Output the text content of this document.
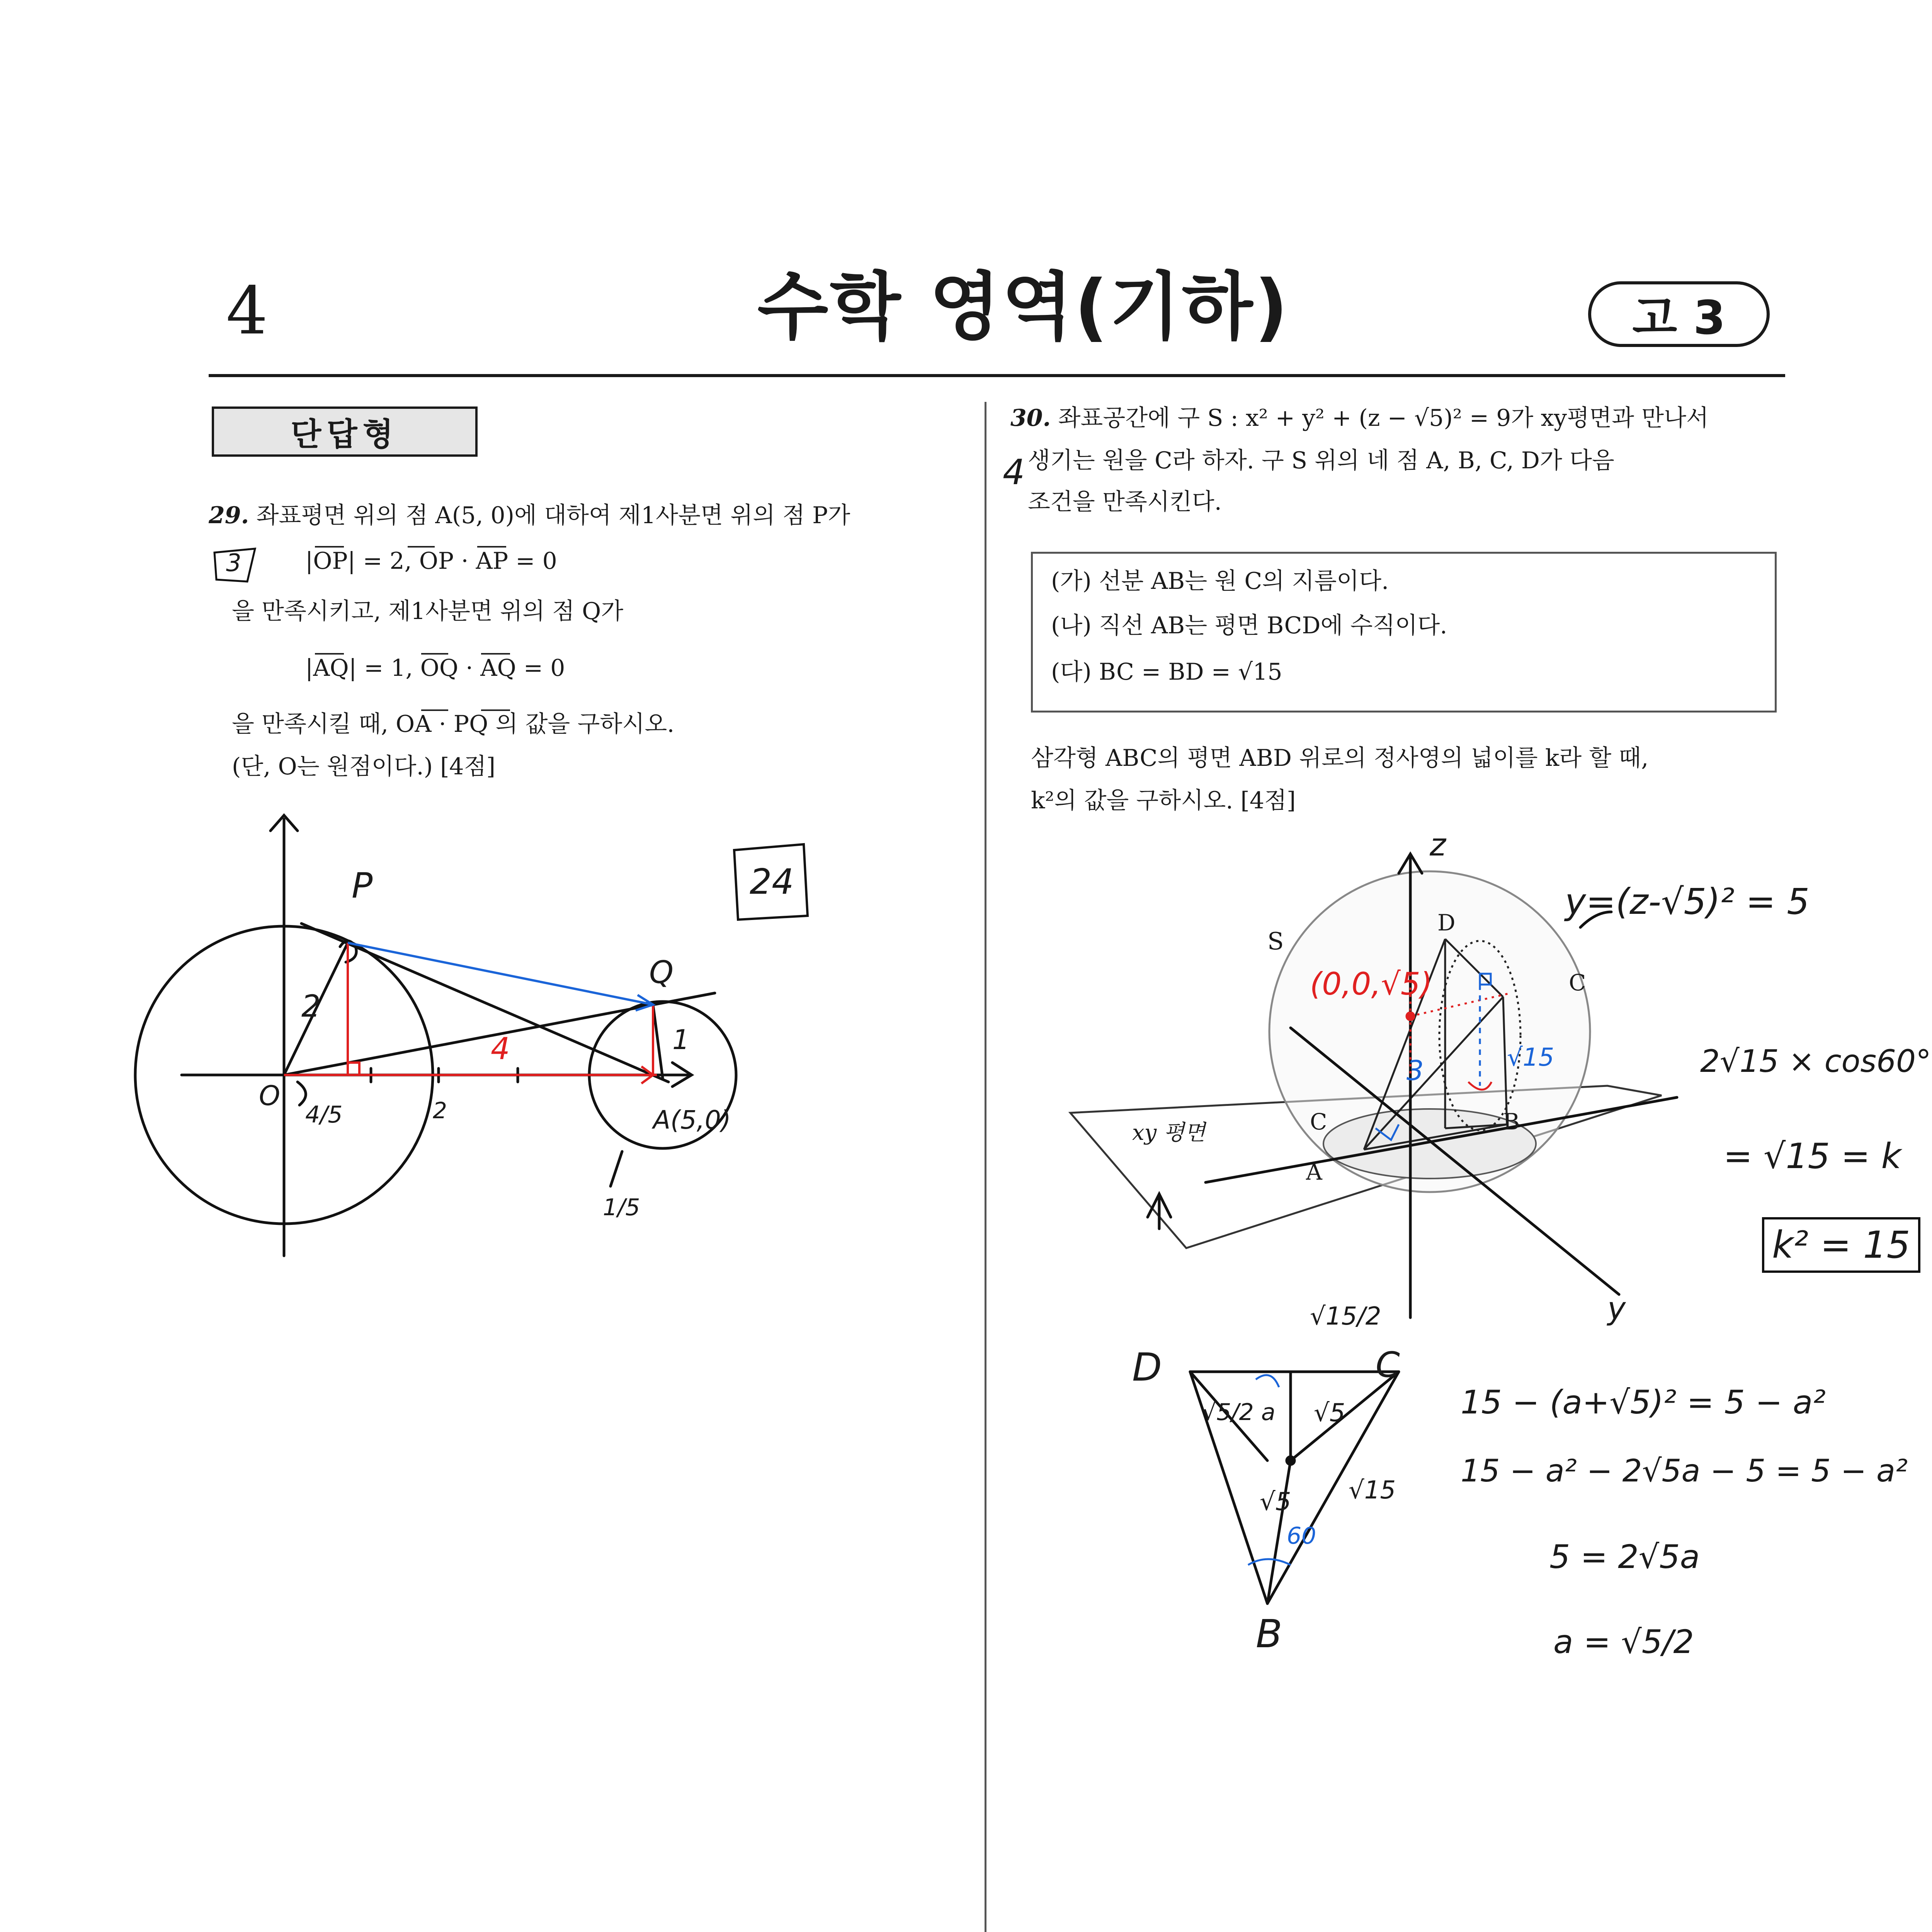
4	수학 영역(기하)	고 3
단답형
29. 좌표평면 위의 점 A(5, 0)에 대하여 제1사분면 위의 점 P가
|OP| = 2, OP · AP = 0
을 만족시키고, 제1사분면 위의 점 Q가
|AQ| = 1, OQ · AQ = 0
을 만족시킬 때, OA · PQ 의 값을 구하시오.
(단, O는 원점이다.) [4점]
3
24
P
Q
O
A(5,0)
2
1
4
4/5
1/5
2
30. 좌표공간에 구 S : x² + y² + (z − √5)² = 9가 xy평면과 만나서
생기는 원을 C라 하자. 구 S 위의 네 점 A, B, C, D가 다음
조건을 만족시킨다.
(가) 선분 AB는 원 C의 지름이다.
(나) 직선 AB는 평면 BCD에 수직이다.
(다) BC = BD = √15
삼각형 ABC의 평면 ABD 위로의 정사영의 넓이를 k라 할 때,
k²의 값을 구하시오. [4점]
S
D
C
C
A
B
xy 평면
4
z
y
(0,0,√5)
y=(z-√5)² = 5
2√15 × cos60°
= √15 = k
k² = 15
3	√15
D	C
B
√15/2
√5/2 a √5
√15
√5
60
15 − (a+√5)² = 5 − a²
15 − a² − 2√5a − 5 = 5 − a²
5 = 2√5a
a = √5/2
